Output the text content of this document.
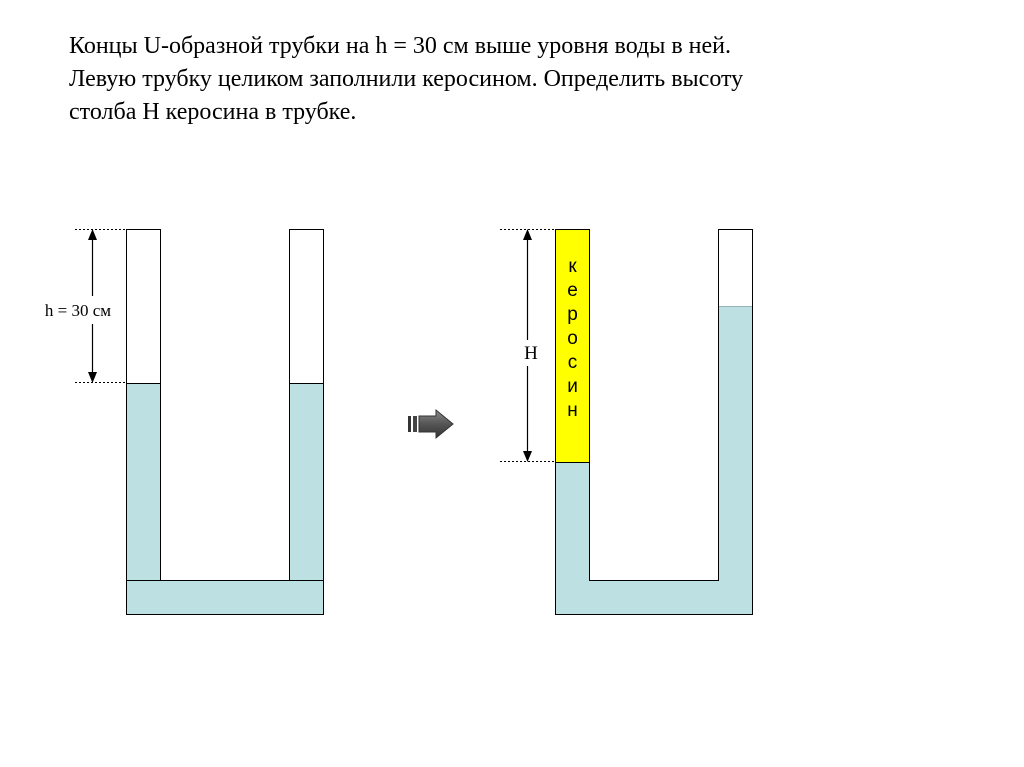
Концы U-образной трубки на h = 30 см выше уровня воды в ней.
Левую трубку целиком заполнили керосином. Определить высоту
столба H керосина в трубке.
h = 30 см
к
е
р
о
с
и
н
H
